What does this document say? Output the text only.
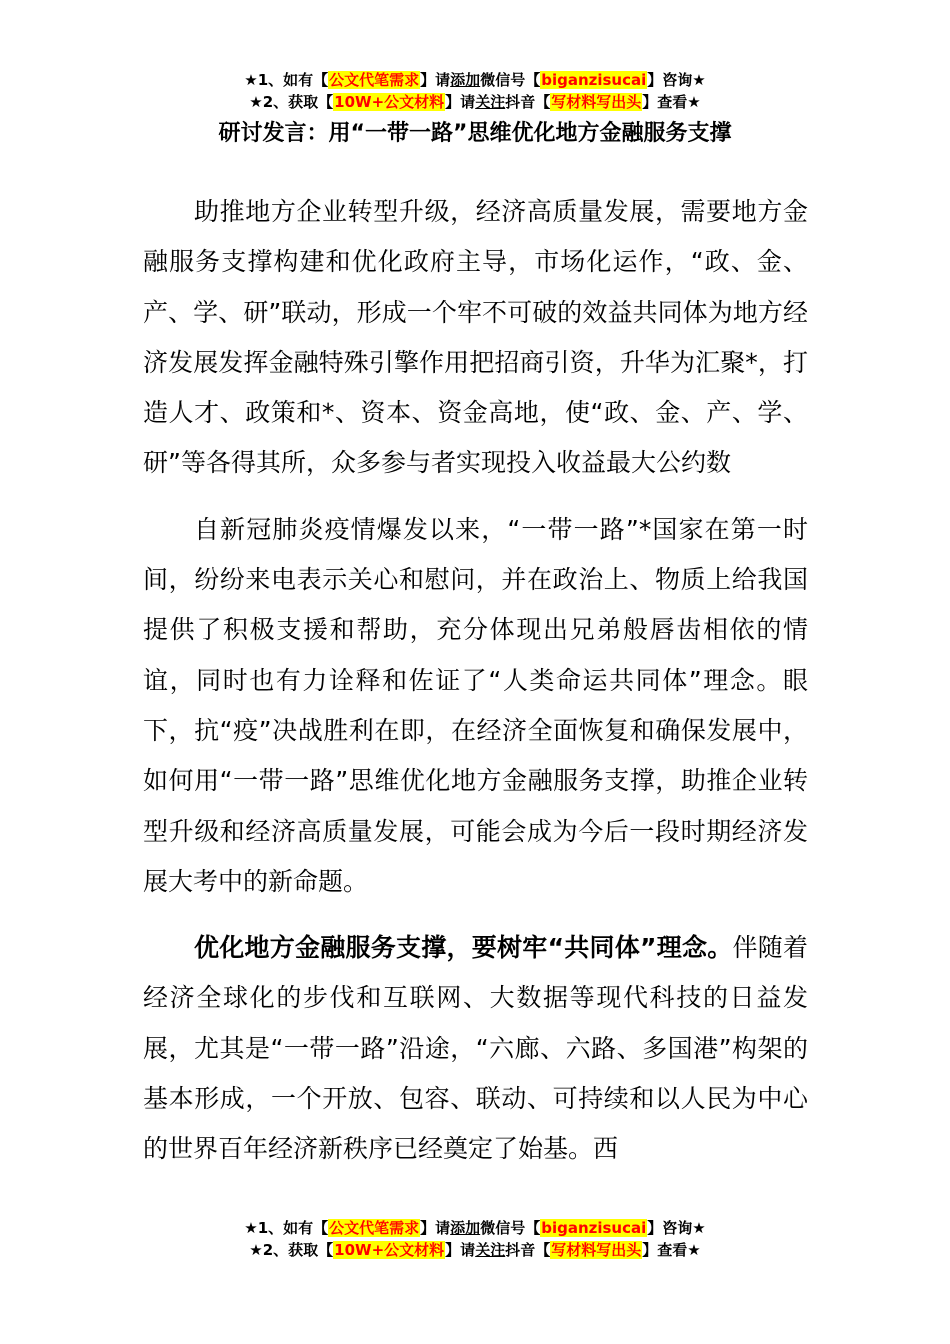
★1、如有【公文代笔需求】请添加微信号【biganzisucai】咨询★
★2、获取【10W+公文材料】请关注抖音【写材料写出头】查看★
研讨发言：用“一带一路”思维优化地方金融服务支撑

助推地方企业转型升级，经济高质量发展，需要地方金融服务支撑构建和优化政府主导，市场化运作，“政、金、产、学、研”联动，形成一个牢不可破的效益共同体为地方经济发展发挥金融特殊引擎作用把招商引资，升华为汇聚*，打造人才、政策和*、资本、资金高地，使“政、金、产、学、研”等各得其所，众多参与者实现投入收益最大公约数

自新冠肺炎疫情爆发以来，“一带一路”*国家在第一时间，纷纷来电表示关心和慰问，并在政治上、物质上给我国提供了积极支援和帮助，充分体现出兄弟般唇齿相依的情谊，同时也有力诠释和佐证了“人类命运共同体”理念。眼下，抗“疫”决战胜利在即，在经济全面恢复和确保发展中，如何用“一带一路”思维优化地方金融服务支撑，助推企业转型升级和经济高质量发展，可能会成为今后一段时期经济发展大考中的新命题。

优化地方金融服务支撑，要树牢“共同体”理念。伴随着经济全球化的步伐和互联网、大数据等现代科技的日益发展，尤其是“一带一路”沿途，“六廊、六路、多国港”构架的基本形成，一个开放、包容、联动、可持续和以人民为中心的世界百年经济新秩序已经奠定了始基。西

★1、如有【公文代笔需求】请添加微信号【biganzisucai】咨询★
★2、获取【10W+公文材料】请关注抖音【写材料写出头】查看★
